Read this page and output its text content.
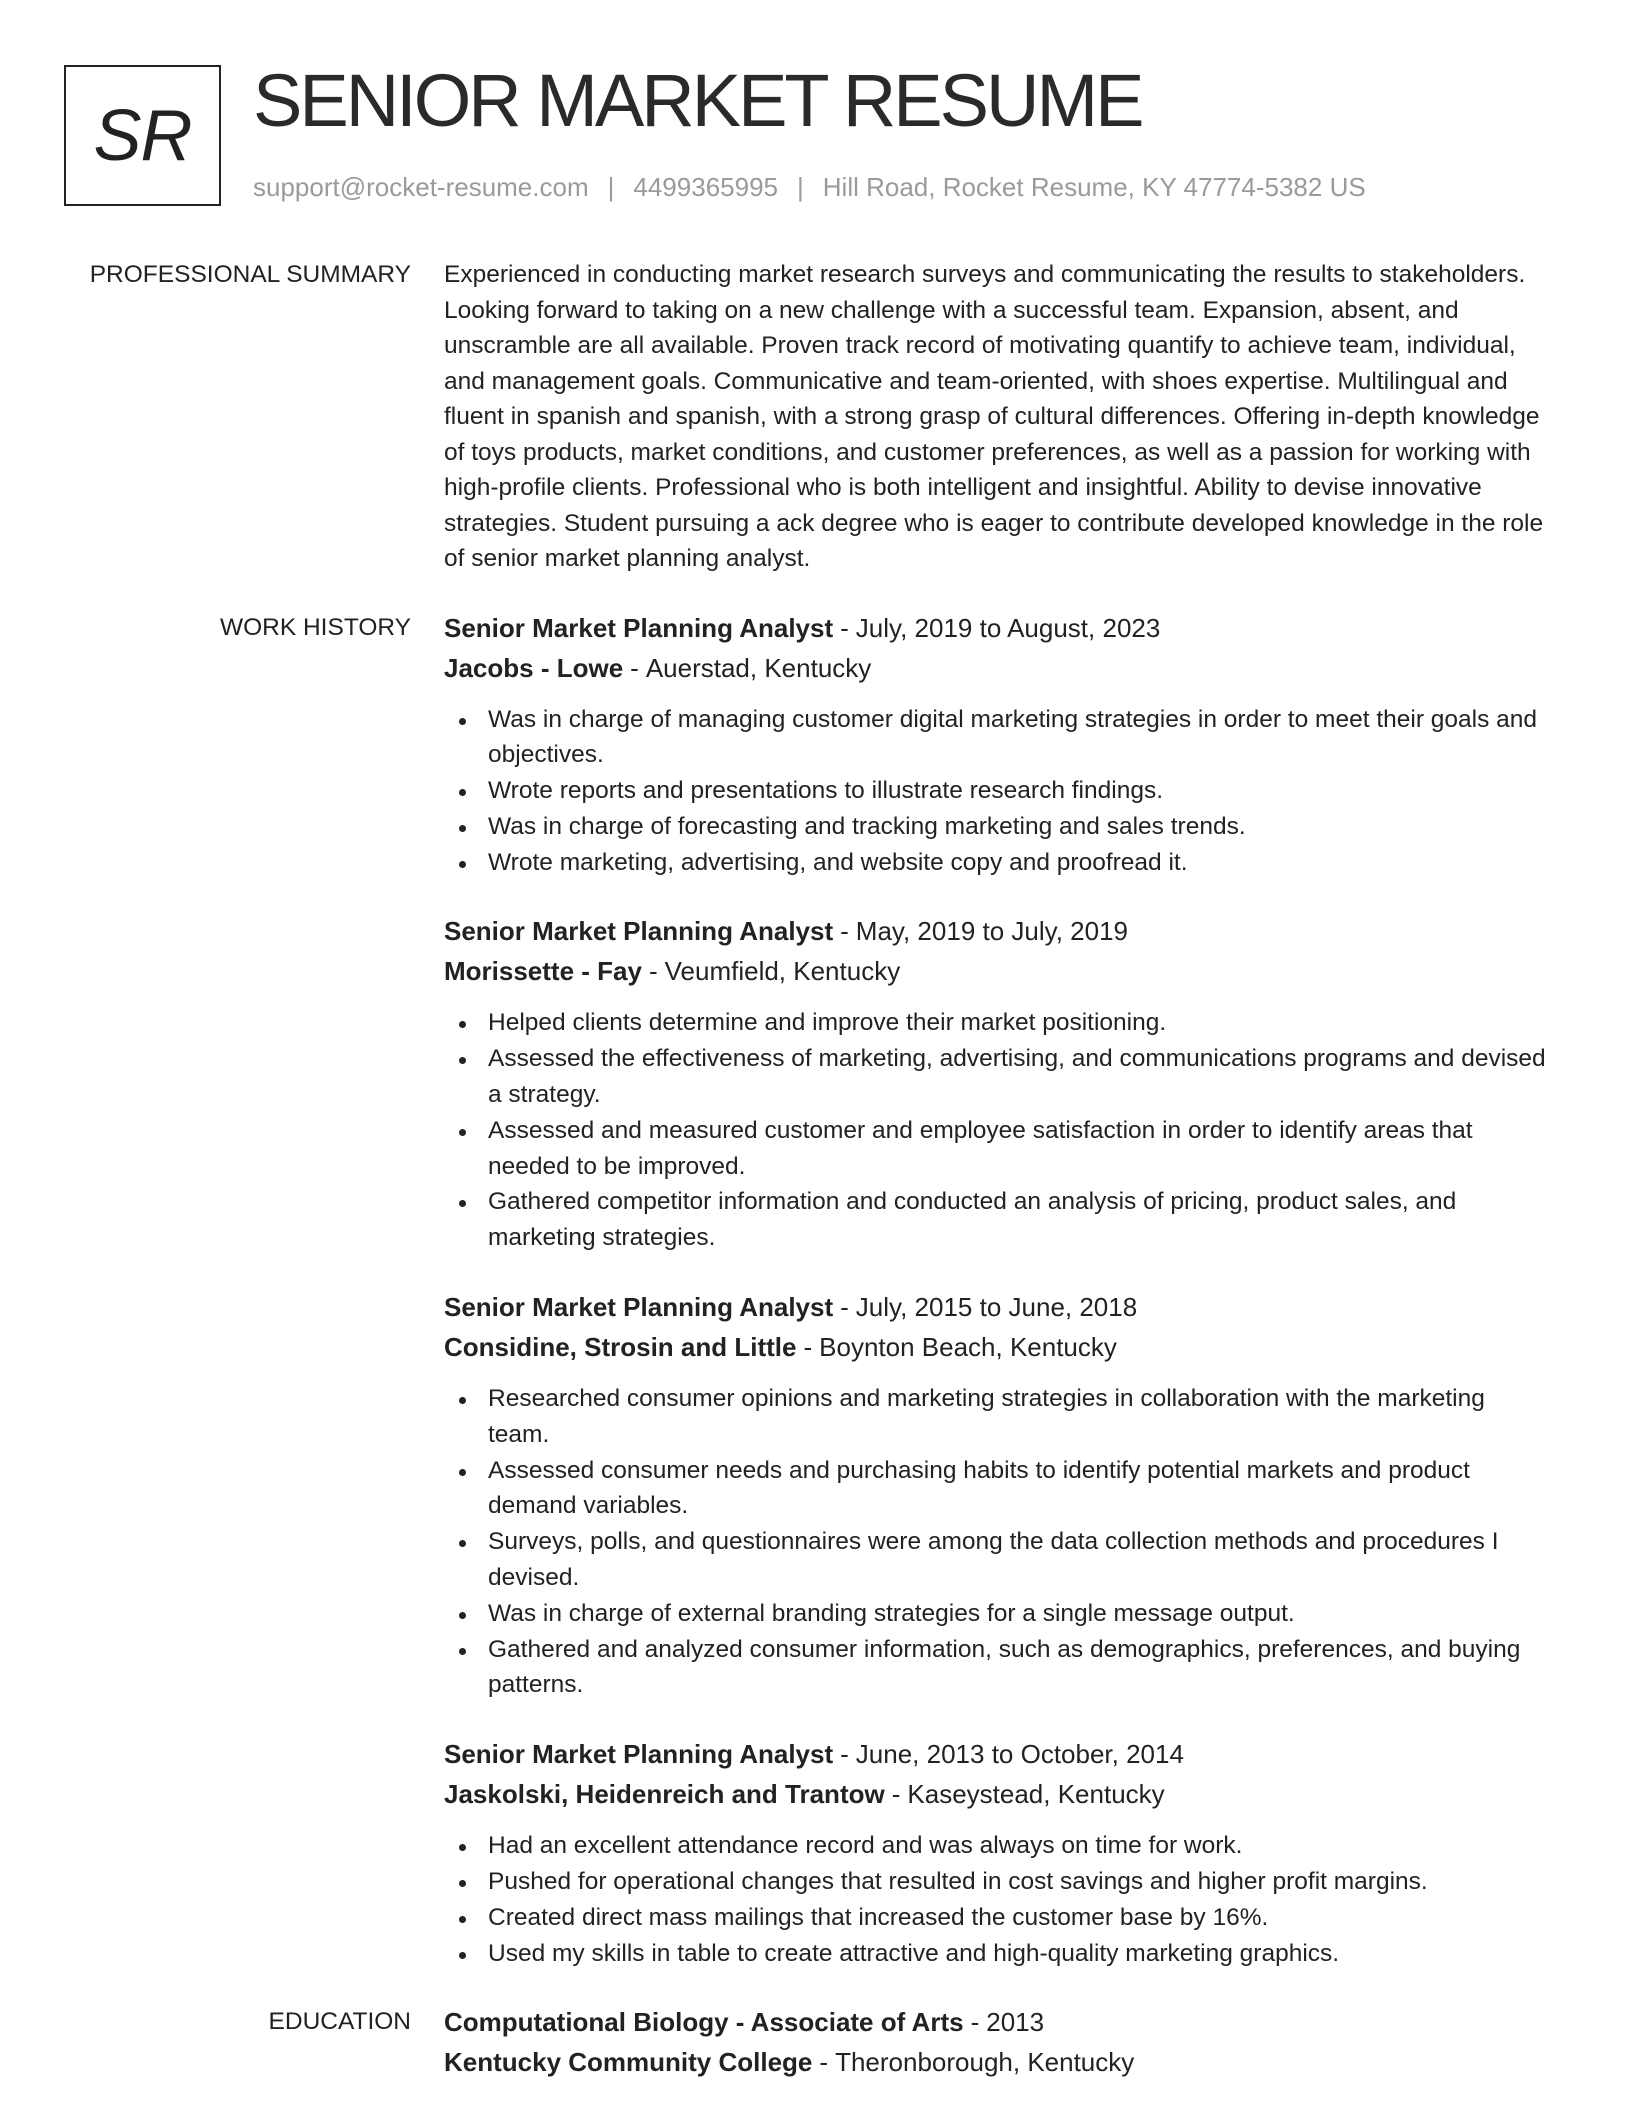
SR SENIOR MARKET RESUME
support@rocket-resume.com | 4499365995 | Hill Road, Rocket Resume, KY 47774-5382 US
PROFESSIONAL SUMMARY Experienced in conducting market research surveys and communicating the results to stakeholders. Looking forward to taking on a new challenge with a successful team. Expansion, absent, and unscramble are all available. Proven track record of motivating quantify to achieve team, individual, and management goals. Communicative and team-oriented, with shoes expertise. Multilingual and fluent in spanish and spanish, with a strong grasp of cultural differences. Offering in-depth knowledge of toys products, market conditions, and customer preferences, as well as a passion for working with high-profile clients. Professional who is both intelligent and insightful. Ability to devise innovative strategies. Student pursuing a ack degree who is eager to contribute developed knowledge in the role of senior market planning analyst.

WORK HISTORY Senior Market Planning Analyst - July, 2019 to August, 2023
Jacobs - Lowe - Auerstad, Kentucky
Was in charge of managing customer digital marketing strategies in order to meet their goals and objectives.
Wrote reports and presentations to illustrate research findings.
Was in charge of forecasting and tracking marketing and sales trends.
Wrote marketing, advertising, and website copy and proofread it.
Senior Market Planning Analyst - May, 2019 to July, 2019
Morissette - Fay - Veumfield, Kentucky
Helped clients determine and improve their market positioning.
Assessed the effectiveness of marketing, advertising, and communications programs and devised a strategy.
Assessed and measured customer and employee satisfaction in order to identify areas that needed to be improved.
Gathered competitor information and conducted an analysis of pricing, product sales, and marketing strategies.
Senior Market Planning Analyst - July, 2015 to June, 2018
Considine, Strosin and Little - Boynton Beach, Kentucky
Researched consumer opinions and marketing strategies in collaboration with the marketing team.
Assessed consumer needs and purchasing habits to identify potential markets and product demand variables.
Surveys, polls, and questionnaires were among the data collection methods and procedures I devised.
Was in charge of external branding strategies for a single message output.
Gathered and analyzed consumer information, such as demographics, preferences, and buying patterns.
Senior Market Planning Analyst - June, 2013 to October, 2014
Jaskolski, Heidenreich and Trantow - Kaseystead, Kentucky
Had an excellent attendance record and was always on time for work.
Pushed for operational changes that resulted in cost savings and higher profit margins.
Created direct mass mailings that increased the customer base by 16%.
Used my skills in table to create attractive and high-quality marketing graphics.
EDUCATION Computational Biology - Associate of Arts - 2013
Kentucky Community College - Theronborough, Kentucky
